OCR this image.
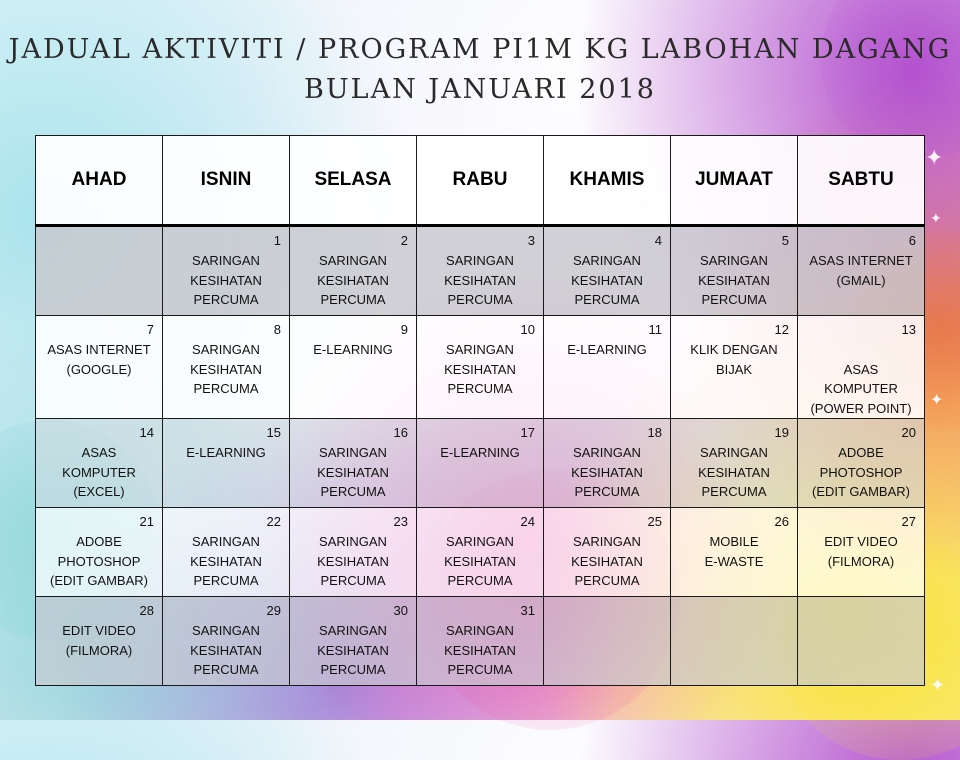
✦
✦
✦
✦
JADUAL AKTIVITI / PROGRAM PI1M KG LABOHAN DAGANG
BULAN JANUARI 2018
AHAD	ISNIN	SELASA	RABU	KHAMIS	JUMAAT	SABTU

	1
SARINGAN
KESIHATAN
PERCUMA	2
SARINGAN
KESIHATAN
PERCUMA	3
SARINGAN
KESIHATAN
PERCUMA	4
SARINGAN
KESIHATAN
PERCUMA	5
SARINGAN
KESIHATAN
PERCUMA	6
ASAS INTERNET
(GMAIL)

7
ASAS INTERNET
(GOOGLE)	8
SARINGAN
KESIHATAN
PERCUMA	9
E-LEARNING	10
SARINGAN
KESIHATAN
PERCUMA	11
E-LEARNING	12
KLIK DENGAN
BIJAK	13

ASAS
KOMPUTER
(POWER POINT)

14
ASAS
KOMPUTER
(EXCEL)	15
E-LEARNING	16
SARINGAN
KESIHATAN
PERCUMA	17
E-LEARNING	18
SARINGAN
KESIHATAN
PERCUMA	19
SARINGAN
KESIHATAN
PERCUMA	20
ADOBE
PHOTOSHOP
(EDIT GAMBAR)

21
ADOBE
PHOTOSHOP
(EDIT GAMBAR)	22
SARINGAN
KESIHATAN
PERCUMA	23
SARINGAN
KESIHATAN
PERCUMA	24
SARINGAN
KESIHATAN
PERCUMA	25
SARINGAN
KESIHATAN
PERCUMA	26
MOBILE
E-WASTE	27
EDIT VIDEO
(FILMORA)

28
EDIT VIDEO
(FILMORA)	29
SARINGAN
KESIHATAN
PERCUMA	30
SARINGAN
KESIHATAN
PERCUMA	31
SARINGAN
KESIHATAN
PERCUMA			
